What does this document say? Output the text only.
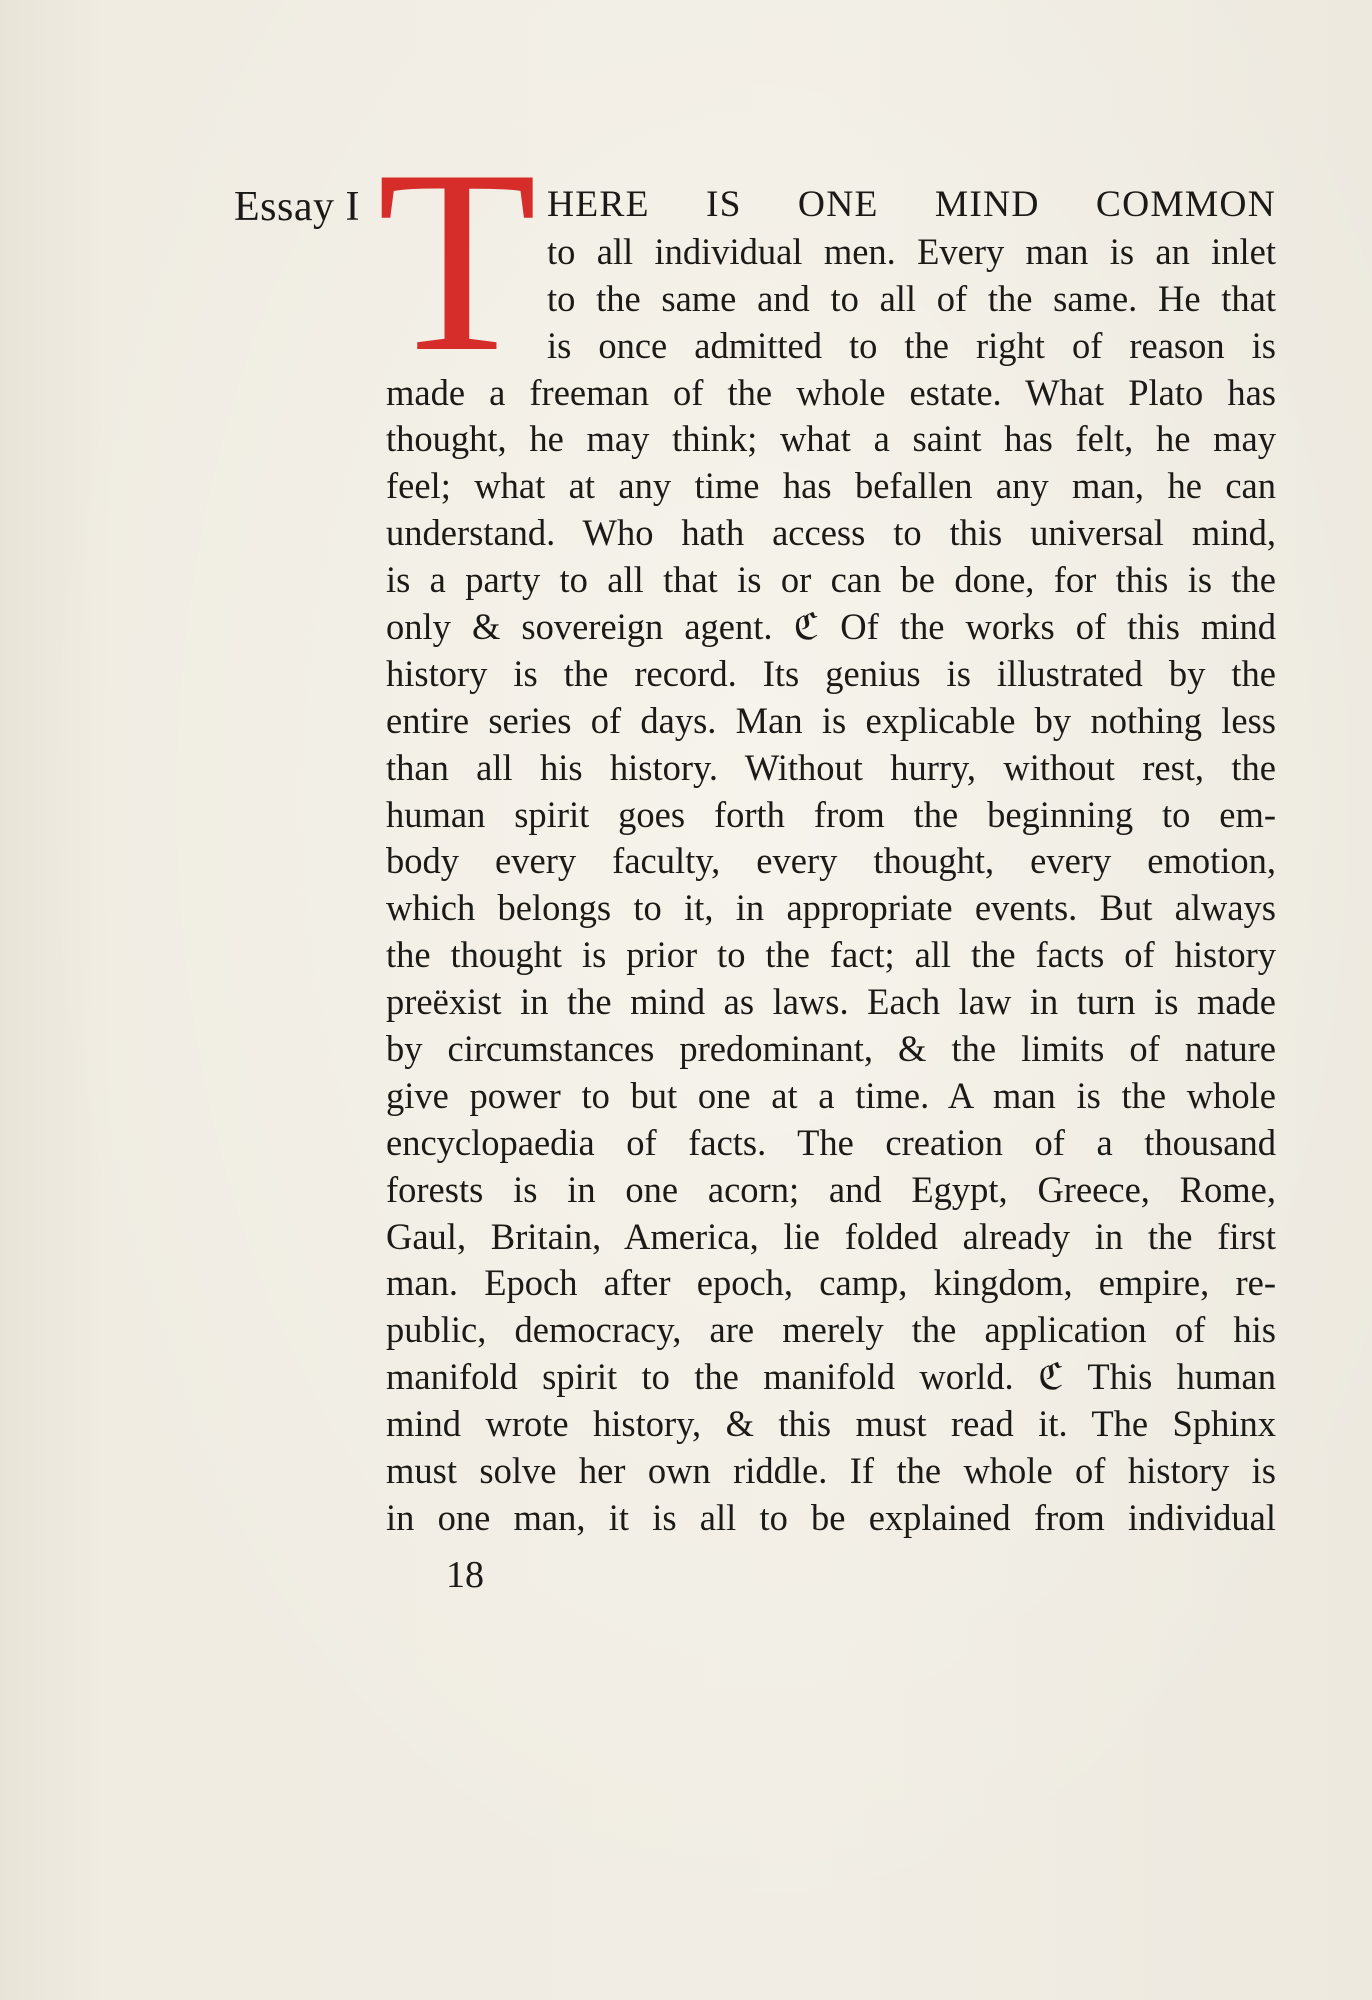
Essay I T HERE IS ONE MIND COMMON
to all individual men. Every man is an inlet
to the same and to all of the same. He that
is once admitted to the right of reason is
made a freeman of the whole estate. What Plato has
thought, he may think; what a saint has felt, he may
feel; what at any time has befallen any man, he can
understand. Who hath access to this universal mind,
is a party to all that is or can be done, for this is the
only & sovereign agent. ℭ Of the works of this mind
history is the record. Its genius is illustrated by the
entire series of days. Man is explicable by nothing less
than all his history. Without hurry, without rest, the
human spirit goes forth from the beginning to em-
body every faculty, every thought, every emotion,
which belongs to it, in appropriate events. But always
the thought is prior to the fact; all the facts of history
preëxist in the mind as laws. Each law in turn is made
by circumstances predominant, & the limits of nature
give power to but one at a time. A man is the whole
encyclopaedia of facts. The creation of a thousand
forests is in one acorn; and Egypt, Greece, Rome,
Gaul, Britain, America, lie folded already in the first
man. Epoch after epoch, camp, kingdom, empire, re-
public, democracy, are merely the application of his
manifold spirit to the manifold world. ℭ This human
mind wrote history, & this must read it. The Sphinx
must solve her own riddle. If the whole of history is
in one man, it is all to be explained from individual
18
